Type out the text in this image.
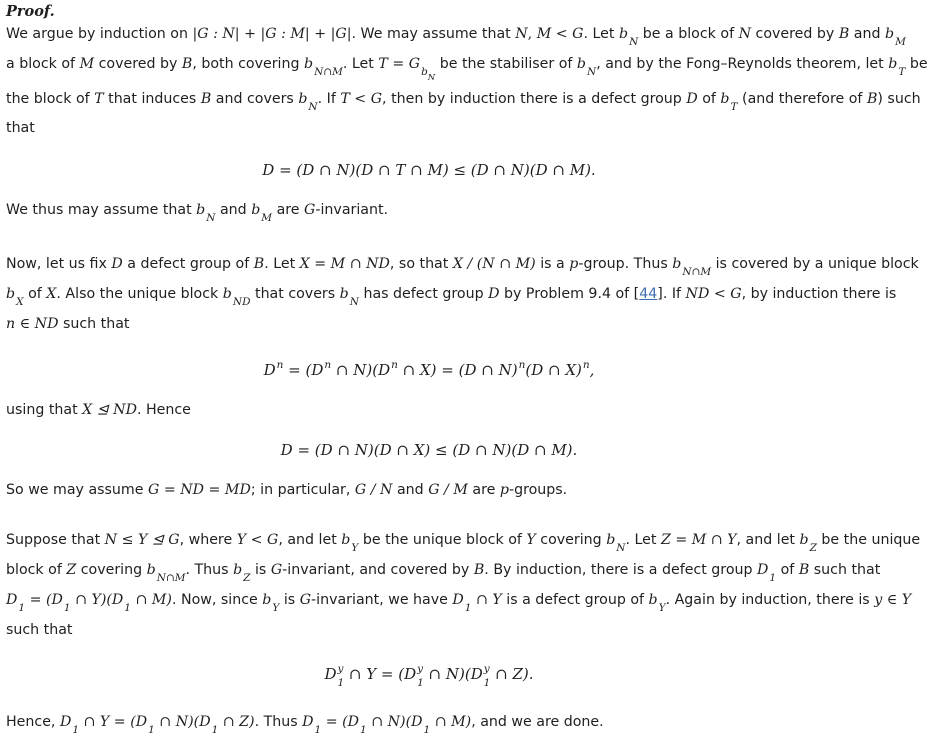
Proof.
We argue by induction on |G : N| + |G : M| + |G|. We may assume that N, M < G. Let $b_N$ be a block of N covered by B and $b_M$
a block of M covered by B, both covering $b_{N\cap M}$. Let $T = G_{b_N}$ be the stabiliser of $b_N$, and by the Fong–Reynolds theorem, let $b_T$ be
the block of T that induces B and covers $b_N$. If T < G, then by induction there is a defect group D of $b_T$ (and therefore of B) such
that
D = (D ∩ N)(D ∩ T ∩ M) ≤ (D ∩ N)(D ∩ M).
We thus may assume that $b_N$ and $b_M$ are G-invariant.
Now, let us fix D a defect group of B. Let X = M ∩ ND, so that X / (N ∩ M) is a p-group. Thus $b_{N\cap M}$ is covered by a unique block
$b_X$ of X. Also the unique block $b_{ND}$ that covers $b_N$ has defect group D by Problem 9.4 of [44]. If ND < G, by induction there is
n ∈ ND such that
$D^n = (D^n$ ∩ $N)(D^n$ ∩ X) = (D ∩ N)$^n$(D ∩ X)$^n$,
using that X ⊴ ND. Hence
D = (D ∩ N)(D ∩ X) ≤ (D ∩ N)(D ∩ M).
So we may assume G = ND = MD; in particular, G / N and G / M are p-groups.
Suppose that N ≤ Y ⊴ G, where Y < G, and let $b_Y$ be the unique block of Y covering $b_N$. Let Z = M ∩ Y, and let $b_Z$ be the unique
block of Z covering $b_{N\cap M}$. Thus $b_Z$ is G-invariant, and covered by B. By induction, there is a defect group $D_1$ of B such that
$D_1 = (D_1$ ∩ $Y)(D_1$ ∩ M). Now, since $b_Y$ is G-invariant, we have $D_1$ ∩ Y is a defect group of $b_Y$. Again by induction, there is y ∈ Y
such that
$D^y_1$ ∩ $Y = (D^y_1$ ∩ $N)(D^y_1$ ∩ Z).
Hence, $D_1$ ∩ $Y = (D_1$ ∩ $N)(D_1$ ∩ Z). Thus $D_1 = (D_1$ ∩ $N)(D_1$ ∩ M), and we are done.
